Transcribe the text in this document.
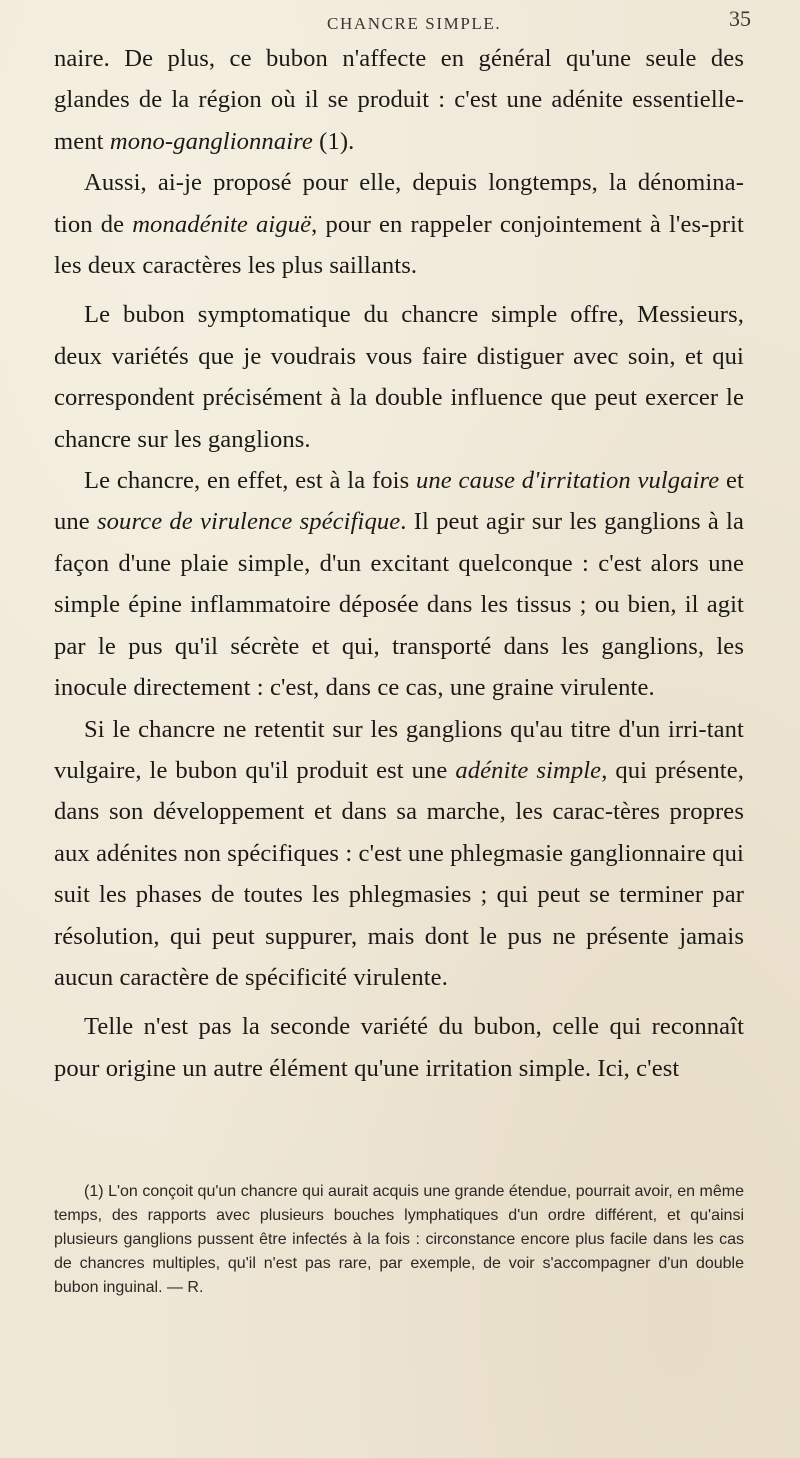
CHANCRE SIMPLE.	35

naire. De plus, ce bubon n'affecte en général qu'une seule des glandes de la région où il se produit : c'est une adénite essentielle-ment mono-ganglionnaire (1).

Aussi, ai-je proposé pour elle, depuis longtemps, la dénomina-tion de monadénite aiguë, pour en rappeler conjointement à l'es-prit les deux caractères les plus saillants.

Le bubon symptomatique du chancre simple offre, Messieurs, deux variétés que je voudrais vous faire distiguer avec soin, et qui correspondent précisément à la double influence que peut exercer le chancre sur les ganglions.

Le chancre, en effet, est à la fois une cause d'irritation vulgaire et une source de virulence spécifique. Il peut agir sur les ganglions à la façon d'une plaie simple, d'un excitant quelconque : c'est alors une simple épine inflammatoire déposée dans les tissus ; ou bien, il agit par le pus qu'il sécrète et qui, transporté dans les ganglions, les inocule directement : c'est, dans ce cas, une graine virulente.

Si le chancre ne retentit sur les ganglions qu'au titre d'un irri-tant vulgaire, le bubon qu'il produit est une adénite simple, qui présente, dans son développement et dans sa marche, les carac-tères propres aux adénites non spécifiques : c'est une phlegmasie ganglionnaire qui suit les phases de toutes les phlegmasies ; qui peut se terminer par résolution, qui peut suppurer, mais dont le pus ne présente jamais aucun caractère de spécificité virulente.

Telle n'est pas la seconde variété du bubon, celle qui reconnaît pour origine un autre élément qu'une irritation simple. Ici, c'est

(1) L'on conçoit qu'un chancre qui aurait acquis une grande étendue, pourrait avoir, en même temps, des rapports avec plusieurs bouches lymphatiques d'un ordre différent, et qu'ainsi plusieurs ganglions pussent être infectés à la fois : circonstance encore plus facile dans les cas de chancres multiples, qu'il n'est pas rare, par exemple, de voir s'accompagner d'un double bubon inguinal. — R.
